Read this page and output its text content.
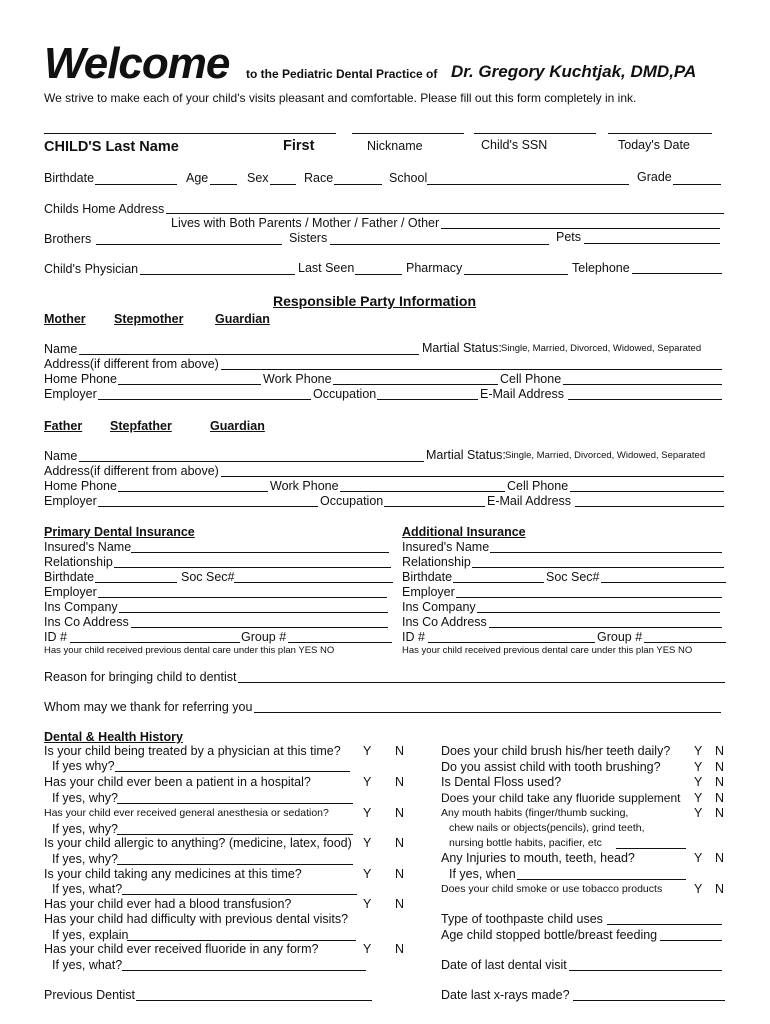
Welcome to the Pediatric Dental Practice of Dr. Gregory Kuchtjak, DMD,PA
We strive to make each of your child's visits pleasant and comfortable. Please fill out this form completely in ink.
CHILD'S Last Name	First	Nickname	Child's SSN	Today's Date
Birthdate	Age	Sex	Race	School	Grade
Childs Home Address
Lives with Both Parents / Mother / Father / Other
Brothers	Sisters	Pets
Child's Physician	Last Seen	Pharmacy	Telephone
Responsible Party Information
Mother Stepmother	Guardian
Name	Martial Status: Single, Married, Divorced, Widowed, Separated
Address(if different from above)
Home Phone	Work Phone	Cell Phone
Employer	Occupation	E-Mail Address
Father Stepfather	Guardian
Name	Martial Status: Single, Married, Divorced, Widowed, Separated
Address(if different from above)
Home Phone	Work Phone	Cell Phone
Employer	Occupation	E-Mail Address
Primary Dental Insurance
Insured's Name
Relationship
Birthdate	Soc Sec#
Employer
Ins Company
Ins Co Address
ID #	Group #
Has your child received previous dental care under this plan YES NO
Additional Insurance
Insured's Name
Relationship
Birthdate	Soc Sec#
Employer
Ins Company
Ins Co Address
ID #	Group #
Has your child received previous dental care under this plan YES NO
Reason for bringing child to dentist
Whom may we thank for referring you
Dental & Health History
Is your child being treated by a physician at this time? Y N
If yes why?
Has your child ever been a patient in a hospital?	Y N
If yes, why?
Has your child ever received general anesthesia or sedation?	Y N
If yes, why?
Is your child allergic to anything? (medicine, latex, food) Y N
If yes, why?
Is your child taking any medicines at this time?	Y N
If yes, what?
Has your child ever had a blood transfusion?	Y N
Has your child had difficulty with previous dental visits?
If yes, explain
Has your child ever received fluoride in any form?	Y N
If yes, what?
Previous Dentist
Does your child brush his/her teeth daily? Y N
Do you assist child with tooth brushing?	Y N
Is Dental Floss used?	Y N
Does your child take any fluoride supplement Y N
Any mouth habits (finger/thumb sucking,	Y N
chew nails or objects(pencils), grind teeth,
nursing bottle habits, pacifier, etc
Any Injuries to mouth, teeth, head?	Y N
If yes, when
Does your child smoke or use tobacco products	Y N
Type of toothpaste child uses
Age child stopped bottle/breast feeding
Date of last dental visit
Date last x-rays made?
